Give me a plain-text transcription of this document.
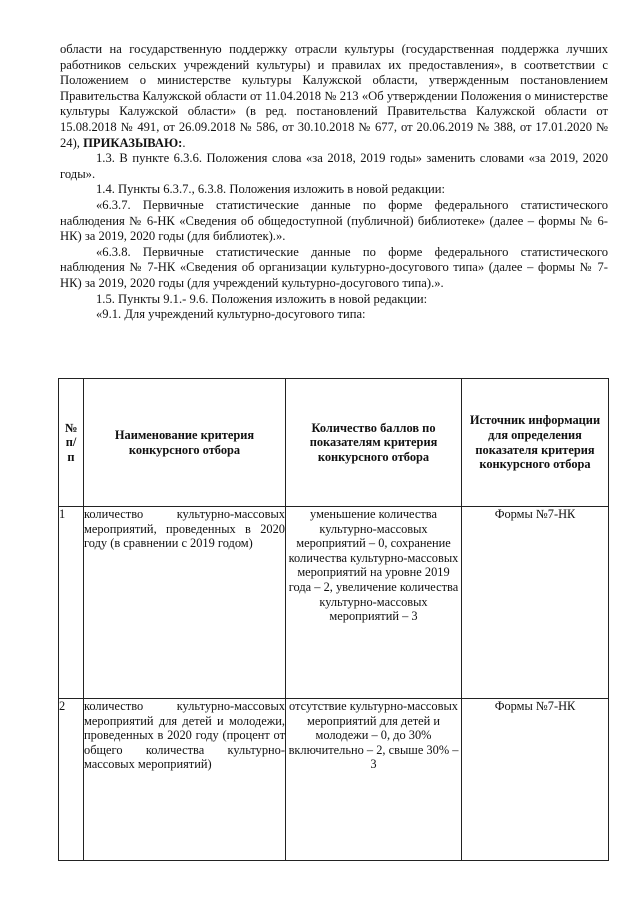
области на государственную поддержку отрасли культуры (государственная поддержка лучших работников сельских учреждений культуры) и правилах их предоставления», в соответствии с Положением о министерстве культуры Калужской области, утвержденным постановлением Правительства Калужской области от 11.04.2018 № 213 «Об утверждении Положения о министерстве культуры Калужской области» (в ред. постановлений Правительства Калужской области от 15.08.2018 № 491, от 26.09.2018 № 586, от 30.10.2018 № 677, от 20.06.2019 № 388, от 17.01.2020 № 24), ПРИКАЗЫВАЮ:.

1.3. В пункте 6.3.6. Положения слова «за 2018, 2019 годы» заменить словами «за 2019, 2020 годы».

1.4. Пункты 6.3.7., 6.3.8. Положения изложить в новой редакции:

«6.3.7. Первичные статистические данные по форме федерального статистического наблюдения № 6-НК «Сведения об общедоступной (публичной) библиотеке» (далее – формы № 6-НК) за 2019, 2020 годы (для библиотек).».

«6.3.8. Первичные статистические данные по форме федерального статистического наблюдения № 7-НК «Сведения об организации культурно-досугового типа» (далее – формы № 7-НК) за 2019, 2020 годы (для учреждений культурно-досугового типа).».

1.5. Пункты 9.1.- 9.6. Положения изложить в новой редакции:

«9.1. Для учреждений культурно-досугового типа:

№ п/п	Наименование критерия конкурсного отбора	Количество баллов по показателям критерия конкурсного отбора	Источник информации для определения показателя критерия конкурсного отбора
1	количество культурно-массовых мероприятий, проведенных в 2020 году (в сравнении с 2019 годом)	уменьшение количества культурно-массовых мероприятий – 0, сохранение количества культурно-массовых мероприятий на уровне 2019 года – 2, увеличение количества культурно-массовых мероприятий – 3	Формы №7-НК
2	количество культурно-массовых мероприятий для детей и молодежи, проведенных в 2020 году (процент от общего количества культурно-массовых мероприятий)	отсутствие культурно-массовых мероприятий для детей и молодежи – 0, до 30% включительно – 2, свыше 30% – 3	Формы №7-НК
